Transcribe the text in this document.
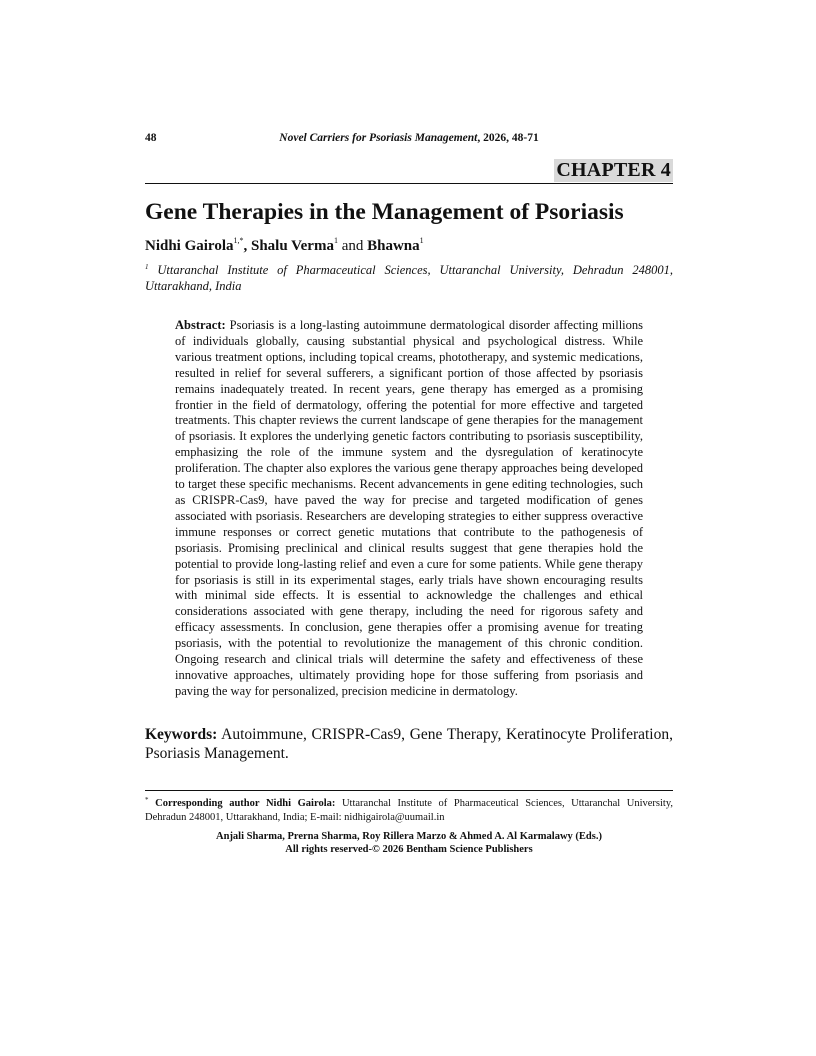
48	Novel Carriers for Psoriasis Management, 2026, 48-71
CHAPTER 4
Gene Therapies in the Management of Psoriasis
Nidhi Gairola$^{1,*}$, Shalu Verma$^1$ and Bhawna$^1$
$^1$ Uttaranchal Institute of Pharmaceutical Sciences, Uttaranchal University, Dehradun 248001, Uttarakhand, India
Abstract: Psoriasis is a long-lasting autoimmune dermatological disorder affecting millions of individuals globally, causing substantial physical and psychological distress. While various treatment options, including topical creams, phototherapy, and systemic medications, resulted in relief for several sufferers, a significant portion of those affected by psoriasis remains inadequately treated. In recent years, gene therapy has emerged as a promising frontier in the field of dermatology, offering the potential for more effective and targeted treatments. This chapter reviews the current landscape of gene therapies for the management of psoriasis. It explores the underlying genetic factors contributing to psoriasis susceptibility, emphasizing the role of the immune system and the dysregulation of keratinocyte proliferation. The chapter also explores the various gene therapy approaches being developed to target these specific mechanisms. Recent advancements in gene editing technologies, such as CRISPR-Cas9, have paved the way for precise and targeted modification of genes associated with psoriasis. Researchers are developing strategies to either suppress overactive immune responses or correct genetic mutations that contribute to the pathogenesis of psoriasis. Promising preclinical and clinical results suggest that gene therapies hold the potential to provide long-lasting relief and even a cure for some patients. While gene therapy for psoriasis is still in its experimental stages, early trials have shown encouraging results with minimal side effects. It is essential to acknowledge the challenges and ethical considerations associated with gene therapy, including the need for rigorous safety and efficacy assessments. In conclusion, gene therapies offer a promising avenue for treating psoriasis, with the potential to revolutionize the management of this chronic condition. Ongoing research and clinical trials will determine the safety and effectiveness of these innovative approaches, ultimately providing hope for those suffering from psoriasis and paving the way for personalized, precision medicine in dermatology.
Keywords: Autoimmune, CRISPR-Cas9, Gene Therapy, Keratinocyte Proliferation, Psoriasis Management.
* Corresponding author Nidhi Gairola: Uttaranchal Institute of Pharmaceutical Sciences, Uttaranchal University, Dehradun 248001, Uttarakhand, India; E-mail: nidhigairola@uumail.in
Anjali Sharma, Prerna Sharma, Roy Rillera Marzo & Ahmed A. Al Karmalawy (Eds.)
All rights reserved-© 2026 Bentham Science Publishers
